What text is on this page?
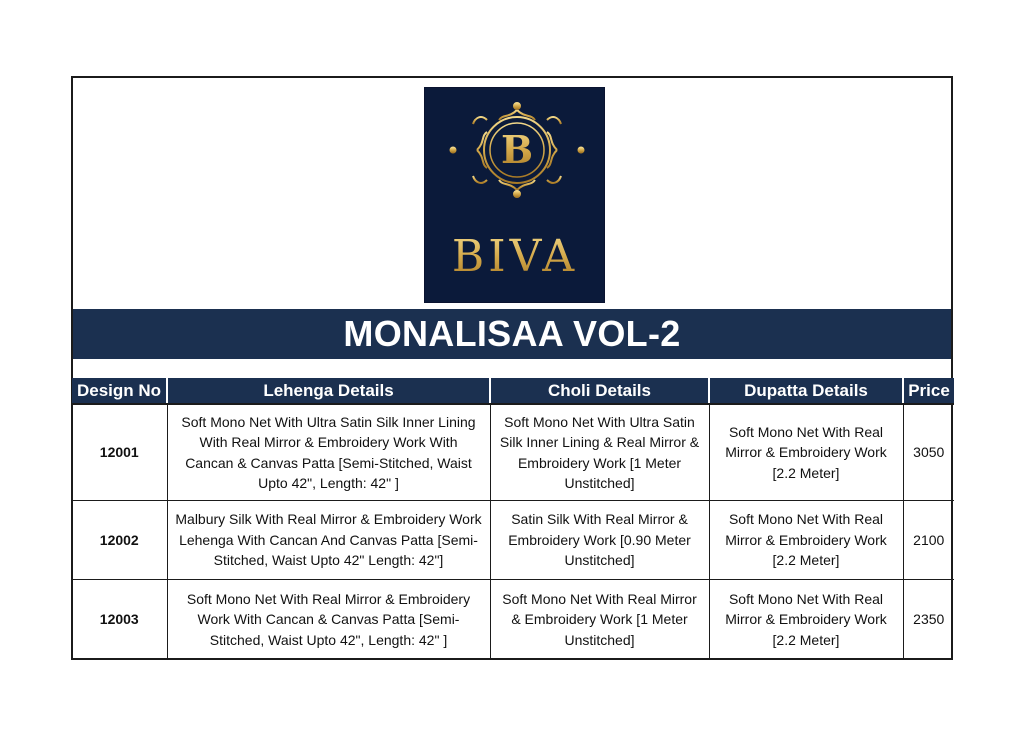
B
BIVA
MONALISAA VOL-2
Design No	Lehenga Details	Choli Details	Dupatta Details	Price
12001	Soft Mono Net With Ultra Satin Silk Inner Lining With Real Mirror & Embroidery Work With Cancan & Canvas Patta [Semi-Stitched, Waist Upto 42", Length: 42" ]	Soft Mono Net With Ultra Satin Silk Inner Lining & Real Mirror & Embroidery Work [1 Meter Unstitched]	Soft Mono Net With Real Mirror & Embroidery Work [2.2 Meter]	3050
12002	Malbury Silk With Real Mirror & Embroidery Work Lehenga With Cancan And Canvas Patta [Semi-Stitched, Waist Upto 42" Length: 42"]	Satin Silk With Real Mirror & Embroidery Work [0.90 Meter Unstitched]	Soft Mono Net With Real Mirror & Embroidery Work [2.2 Meter]	2100
12003	Soft Mono Net With Real Mirror & Embroidery Work With Cancan & Canvas Patta [Semi-Stitched, Waist Upto 42", Length: 42" ]	Soft Mono Net With Real Mirror & Embroidery Work [1 Meter Unstitched]	Soft Mono Net With Real Mirror & Embroidery Work [2.2 Meter]	2350
